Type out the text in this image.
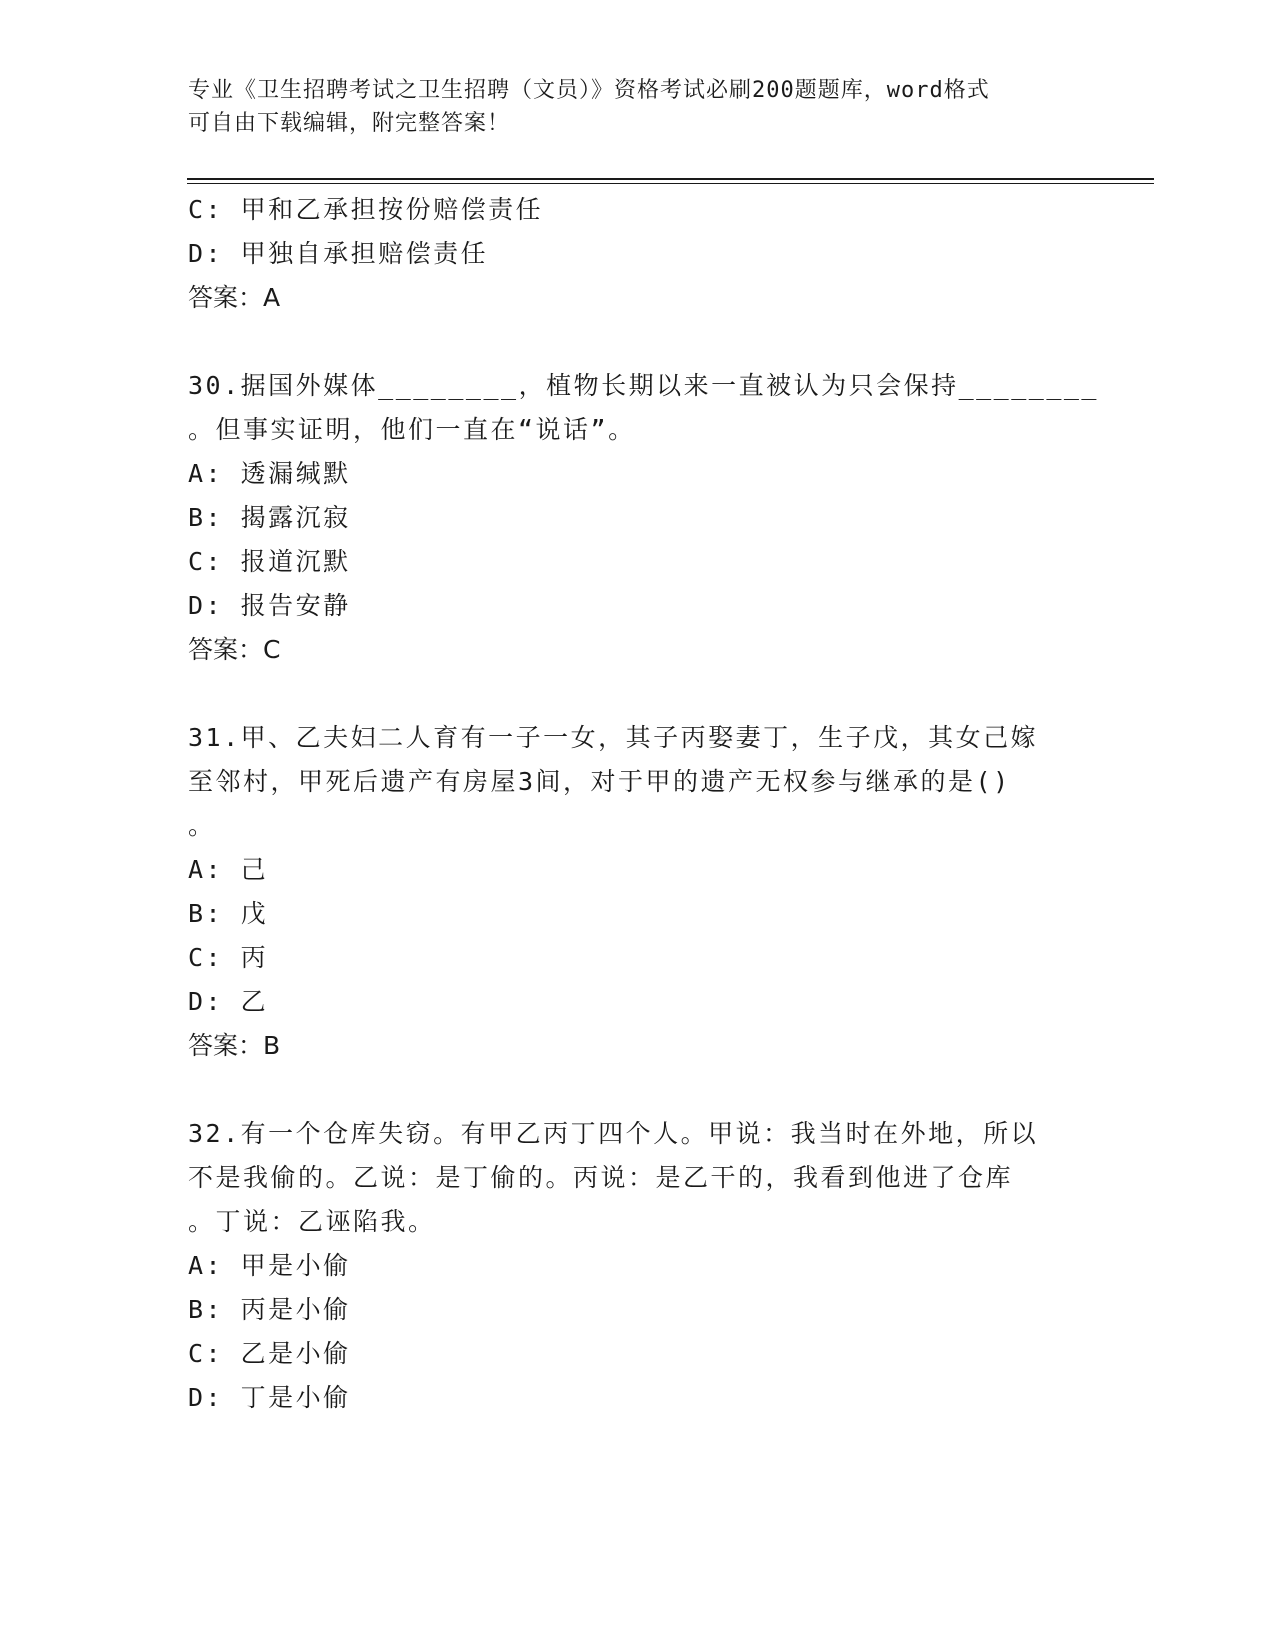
专业《卫生招聘考试之卫生招聘（文员）》资格考试必刷200题题库，word格式
可自由下载编辑，附完整答案！
C: 甲和乙承担按份赔偿责任
D: 甲独自承担赔偿责任
答案：A
30.据国外媒体________，植物长期以来一直被认为只会保持________
。但事实证明，他们一直在“说话”。
A: 透漏缄默
B: 揭露沉寂
C: 报道沉默
D: 报告安静
答案：C
31.甲、乙夫妇二人育有一子一女，其子丙娶妻丁，生子戊，其女己嫁
至邻村，甲死后遗产有房屋3间，对于甲的遗产无权参与继承的是()
。
A: 己
B: 戊
C: 丙
D: 乙
答案：B
32.有一个仓库失窃。有甲乙丙丁四个人。甲说：我当时在外地，所以
不是我偷的。乙说：是丁偷的。丙说：是乙干的，我看到他进了仓库
。丁说：乙诬陷我。
A: 甲是小偷
B: 丙是小偷
C: 乙是小偷
D: 丁是小偷
